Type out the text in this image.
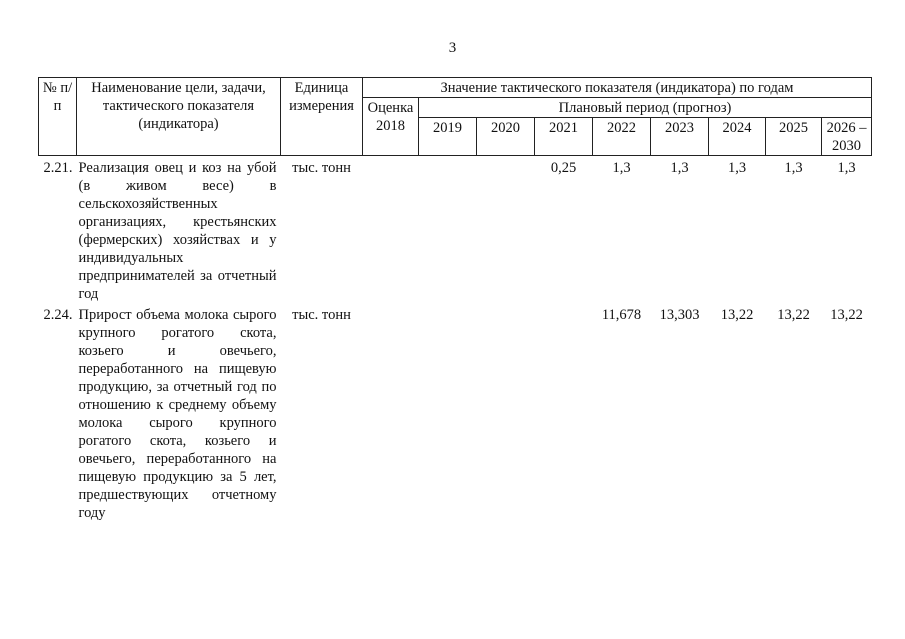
3
№ п/п	Наименование цели, задачи, тактического показателя (индикатора)	Единица измерения	Значение тактического показателя (индикатора) по годам								
			Оценка 2018	Плановый период (прогноз)							
				2019	2020	2021	2022	2023	2024	2025	2026 – 2030
2.21.	Реализация овец и коз на убой (в живом весе) в сельскохозяйственных организациях, крестьянских (фермерских) хозяйствах и у индивидуальных предпринимателей за отчетный год	тыс. тонн				0,25	1,3	1,3	1,3	1,3	1,3
2.24.	Прирост объема молока сырого крупного рогатого скота, козьего и овечьего, переработанного на пищевую продукцию, за отчетный год по отношению к среднему объему молока сырого крупного рогатого скота, козьего и овечьего, переработанного на пищевую продукцию за 5 лет, предшествующих отчетному году	тыс. тонн					11,678	13,303	13,22	13,22	13,22
